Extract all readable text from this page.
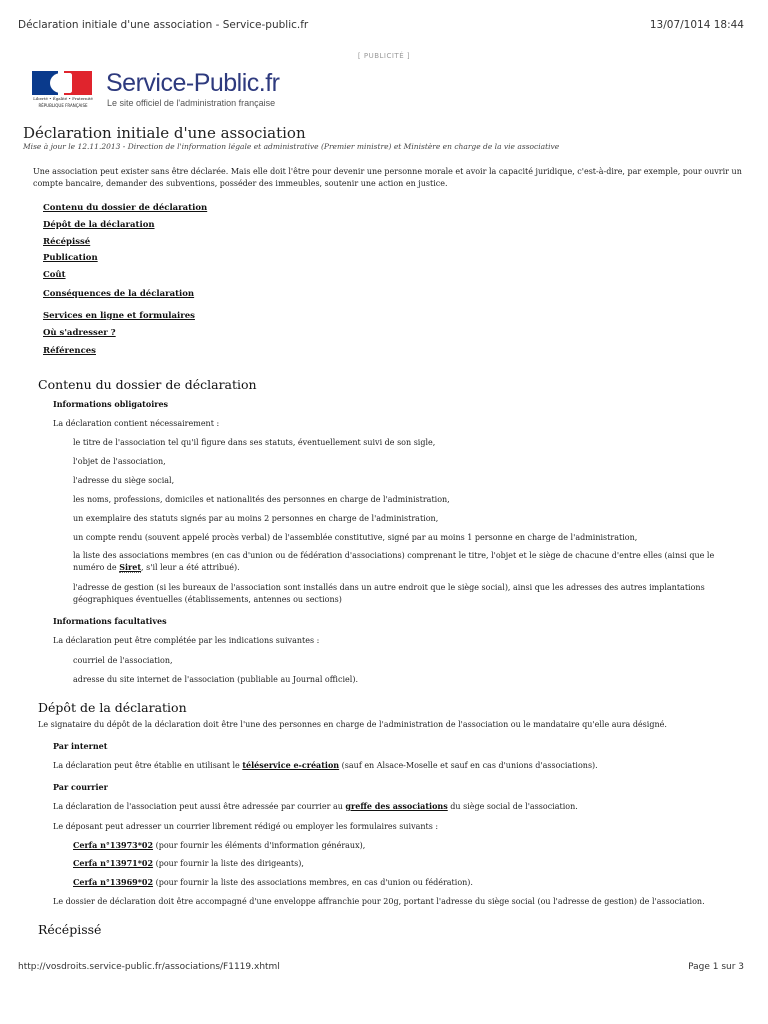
Déclaration initiale d'une association - Service-public.fr	13/07/1014 18:44
[ PUBLICITÉ ]
Liberté • Égalité • Fraternité
RÉPUBLIQUE FRANÇAISE
Service-Public.fr
Le site officiel de l'administration française
Déclaration initiale d'une association
Mise à jour le 12.11.2013 - Direction de l'information légale et administrative (Premier ministre) et Ministère en charge de la vie associative
Une association peut exister sans être déclarée. Mais elle doit l'être pour devenir une personne morale et avoir la capacité juridique, c'est-à-dire, par exemple, pour ouvrir un compte bancaire, demander des subventions, posséder des immeubles, soutenir une action en justice.
Contenu du dossier de déclaration
Dépôt de la déclaration
Récépissé
Publication
Coût
Conséquences de la déclaration
Services en ligne et formulaires
Où s'adresser ?
Références
Contenu du dossier de déclaration
Informations obligatoires
La déclaration contient nécessairement :
le titre de l'association tel qu'il figure dans ses statuts, éventuellement suivi de son sigle,
l'objet de l'association,
l'adresse du siège social,
les noms, professions, domiciles et nationalités des personnes en charge de l'administration,
un exemplaire des statuts signés par au moins 2 personnes en charge de l'administration,
un compte rendu (souvent appelé procès verbal) de l'assemblée constitutive, signé par au moins 1 personne en charge de l'administration,
la liste des associations membres (en cas d'union ou de fédération d'associations) comprenant le titre, l'objet et le siège de chacune d'entre elles (ainsi que le
numéro de Siret, s'il leur a été attribué).
l'adresse de gestion (si les bureaux de l'association sont installés dans un autre endroit que le siège social), ainsi que les adresses des autres implantations
géographiques éventuelles (établissements, antennes ou sections)
Informations facultatives
La déclaration peut être complétée par les indications suivantes :
courriel de l'association,
adresse du site internet de l'association (publiable au Journal officiel).
Dépôt de la déclaration
Le signataire du dépôt de la déclaration doit être l'une des personnes en charge de l'administration de l'association ou le mandataire qu'elle aura désigné.
Par internet
La déclaration peut être établie en utilisant le téléservice e-création (sauf en Alsace-Moselle et sauf en cas d'unions d'associations).
Par courrier
La déclaration de l'association peut aussi être adressée par courrier au greffe des associations du siège social de l'association.
Le déposant peut adresser un courrier librement rédigé ou employer les formulaires suivants :
Cerfa n°13973*02 (pour fournir les éléments d'information généraux),
Cerfa n°13971*02 (pour fournir la liste des dirigeants),
Cerfa n°13969*02 (pour fournir la liste des associations membres, en cas d'union ou fédération).
Le dossier de déclaration doit être accompagné d'une enveloppe affranchie pour 20g, portant l'adresse du siège social (ou l'adresse de gestion) de l'association.
Récépissé
http://vosdroits.service-public.fr/associations/F1119.xhtml	Page 1 sur 3
